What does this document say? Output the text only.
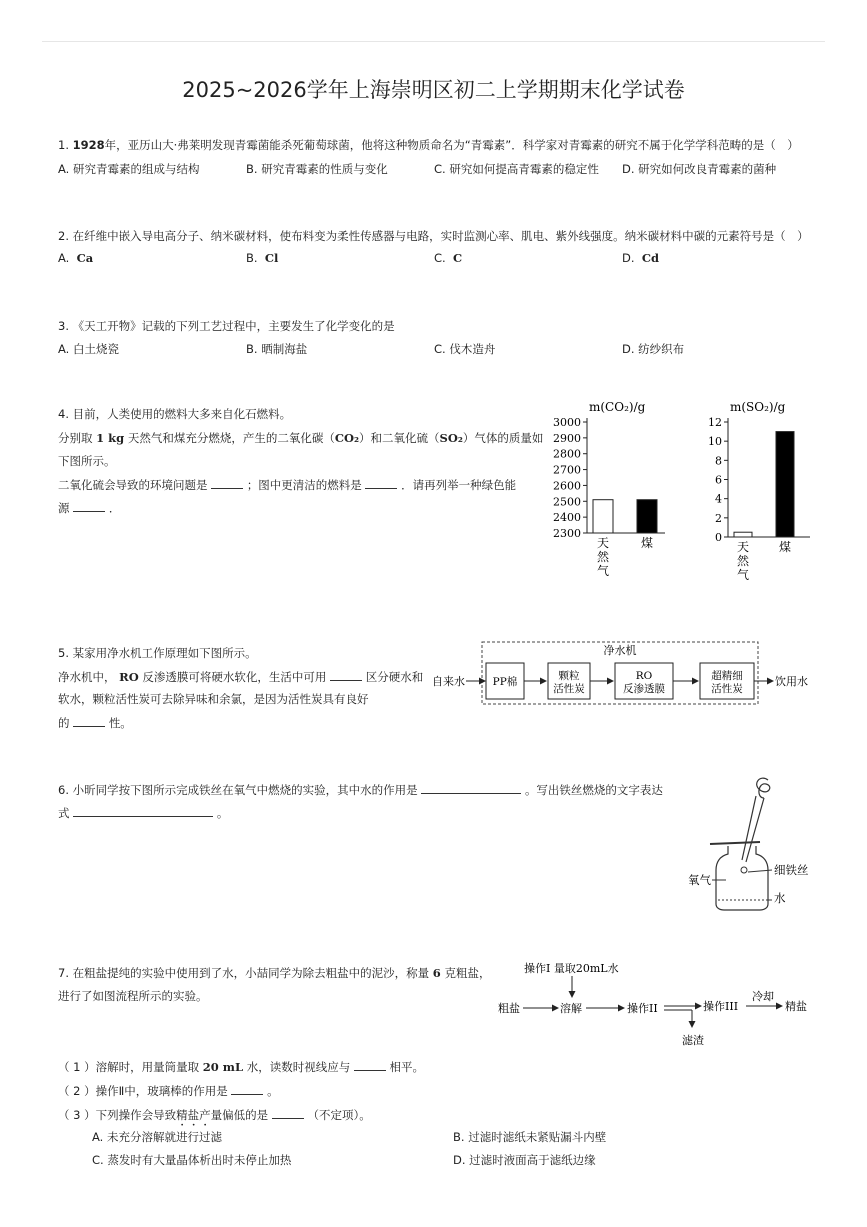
2025~2026学年上海崇明区初二上学期期末化学试卷
1. 1928年，亚历山大·弗莱明发现青霉菌能杀死葡萄球菌，他将这种物质命名为“青霉素”．科学家对青霉素的研究不属于化学学科范畴的是（　）
A. 研究青霉素的组成与结构	B. 研究青霉素的性质与变化	C. 研究如何提高青霉素的稳定性 D. 研究如何改良青霉素的菌种
2. 在纤维中嵌入导电高分子、纳米碳材料，使布料变为柔性传感器与电路，实时监测心率、肌电、紫外线强度。纳米碳材料中碳的元素符号是（　）
A. Ca	B. Cl	C. C	D. Cd
3. 《天工开物》记载的下列工艺过程中，主要发生了化学变化的是
A. 白土烧瓷	B. 晒制海盐	C. 伐木造舟	D. 纺纱织布
4. 目前，人类使用的燃料大多来自化石燃料。
分别取 1 kg 天然气和煤充分燃烧，产生的二氧化碳（CO₂）和二氧化硫（SO₂）气体的质量如
下图所示。
二氧化硫会导致的环境问题是	；图中更清洁的燃料是	．请再列举一种绿色能
源	．
m(CO₂)/g
3000
2900
2800
2700
2600
2500
2400
2300
天
然
气
煤
m(SO₂)/g
12
10
8
6
4
2
0
天
然
气
煤
5. 某家用净水机工作原理如下图所示。
净水机中， RO 反渗透膜可将硬水软化，生活中可用	区分硬水和
软水，颗粒活性炭可去除异味和余氯，是因为活性炭具有良好
的	性。
净水机
自来水	PP棉	颗粒
活性炭
RO
反渗透膜
超精细
活性炭
饮用水
6. 小昕同学按下图所示完成铁丝在氧气中燃烧的实验，其中水的作用是	。写出铁丝燃烧的文字表达
式	。
氧气
细铁丝
水
7. 在粗盐提纯的实验中使用到了水，小喆同学为除去粗盐中的泥沙，称量 6 克粗盐，
进行了如图流程所示的实验。
操作I 量取20mL水
粗盐	溶解	操作II
滤渣
操作III
冷却
精盐
（ 1 ）溶解时，用量筒量取 20 mL 水，读数时视线应与	相平。
（ 2 ）操作Ⅱ中，玻璃棒的作用是	。
（ 3 ）下列操作会导致精盐产量偏低的是	（不定项）。
A. 未充分溶解就进行过滤	B. 过滤时滤纸未紧贴漏斗内壁
C. 蒸发时有大量晶体析出时未停止加热	D. 过滤时液面高于滤纸边缘
